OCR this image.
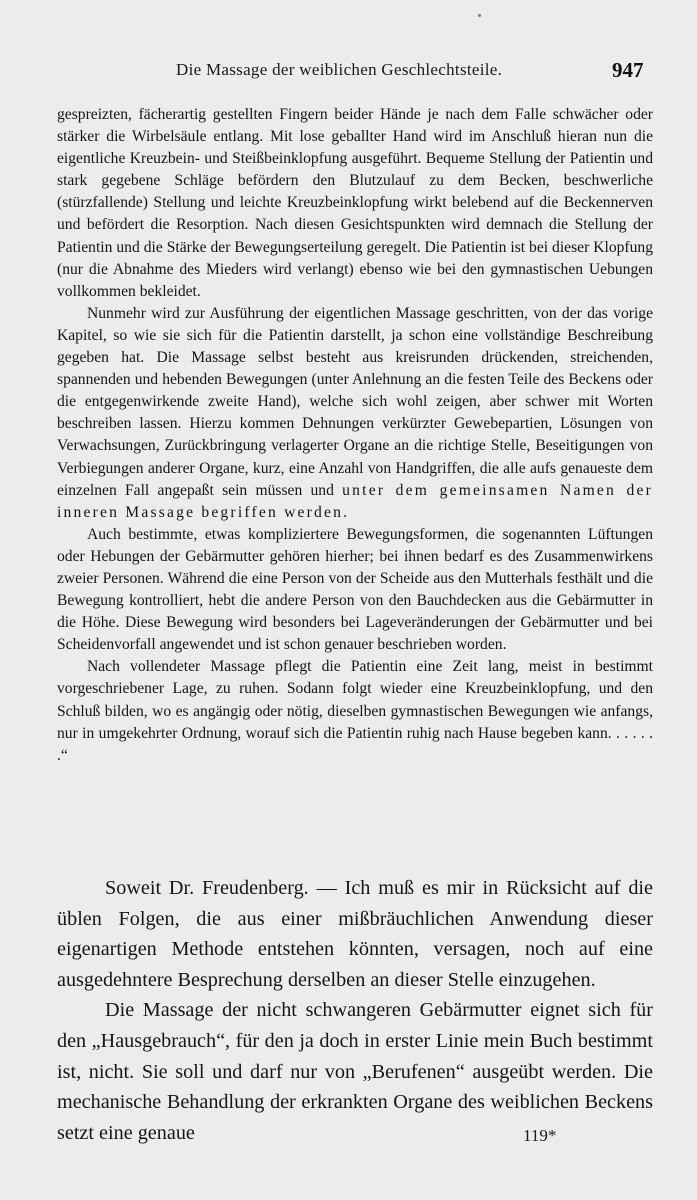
Die Massage der weiblichen Geschlechtsteile.	947

gespreizten, fächerartig gestellten Fingern beider Hände je nach dem Falle schwächer oder stärker die Wirbelsäule entlang. Mit lose geballter Hand wird im Anschluß hieran nun die eigentliche Kreuzbein- und Steißbeinklopfung ausgeführt. Bequeme Stellung der Patientin und stark gegebene Schläge befördern den Blutzulauf zu dem Becken, beschwerliche (stürzfallende) Stellung und leichte Kreuzbeinklopfung wirkt belebend auf die Beckennerven und befördert die Resorption. Nach diesen Gesichtspunkten wird demnach die Stellung der Patientin und die Stärke der Bewegungserteilung geregelt. Die Patientin ist bei dieser Klopfung (nur die Abnahme des Mieders wird verlangt) ebenso wie bei den gymnastischen Uebungen vollkommen bekleidet.

Nunmehr wird zur Ausführung der eigentlichen Massage geschritten, von der das vorige Kapitel, so wie sie sich für die Patientin darstellt, ja schon eine vollständige Beschreibung gegeben hat. Die Massage selbst besteht aus kreisrunden drückenden, streichenden, spannenden und hebenden Bewegungen (unter Anlehnung an die festen Teile des Beckens oder die entgegenwirkende zweite Hand), welche sich wohl zeigen, aber schwer mit Worten beschreiben lassen. Hierzu kommen Dehnungen verkürzter Gewebepartien, Lösungen von Verwachsungen, Zurückbringung verlagerter Organe an die richtige Stelle, Beseitigungen von Verbiegungen anderer Organe, kurz, eine Anzahl von Handgriffen, die alle aufs genaueste dem einzelnen Fall angepaßt sein müssen und unter dem gemeinsamen Namen der inneren Massage begriffen werden.

Auch bestimmte, etwas kompliziertere Bewegungsformen, die sogenannten Lüftungen oder Hebungen der Gebärmutter gehören hierher; bei ihnen bedarf es des Zusammenwirkens zweier Personen. Während die eine Person von der Scheide aus den Mutterhals festhält und die Bewegung kontrolliert, hebt die andere Person von den Bauchdecken aus die Gebärmutter in die Höhe. Diese Bewegung wird besonders bei Lageveränderungen der Gebärmutter und bei Scheidenvorfall angewendet und ist schon genauer beschrieben worden.

Nach vollendeter Massage pflegt die Patientin eine Zeit lang, meist in bestimmt vorgeschriebener Lage, zu ruhen. Sodann folgt wieder eine Kreuzbeinklopfung, und den Schluß bilden, wo es angängig oder nötig, dieselben gymnastischen Bewegungen wie anfangs, nur in umgekehrter Ordnung, worauf sich die Patientin ruhig nach Hause begeben kann. . . . . . .“

Soweit Dr. Freudenberg. — Ich muß es mir in Rücksicht auf die üblen Folgen, die aus einer mißbräuchlichen Anwendung dieser eigenartigen Methode entstehen könnten, versagen, noch auf eine ausgedehntere Besprechung derselben an dieser Stelle einzugehen.

Die Massage der nicht schwangeren Gebärmutter eignet sich für den „Hausgebrauch“, für den ja doch in erster Linie mein Buch bestimmt ist, nicht. Sie soll und darf nur von „Berufenen“ ausgeübt werden. Die mechanische Behandlung der erkrankten Organe des weiblichen Beckens setzt eine genaue	119*
